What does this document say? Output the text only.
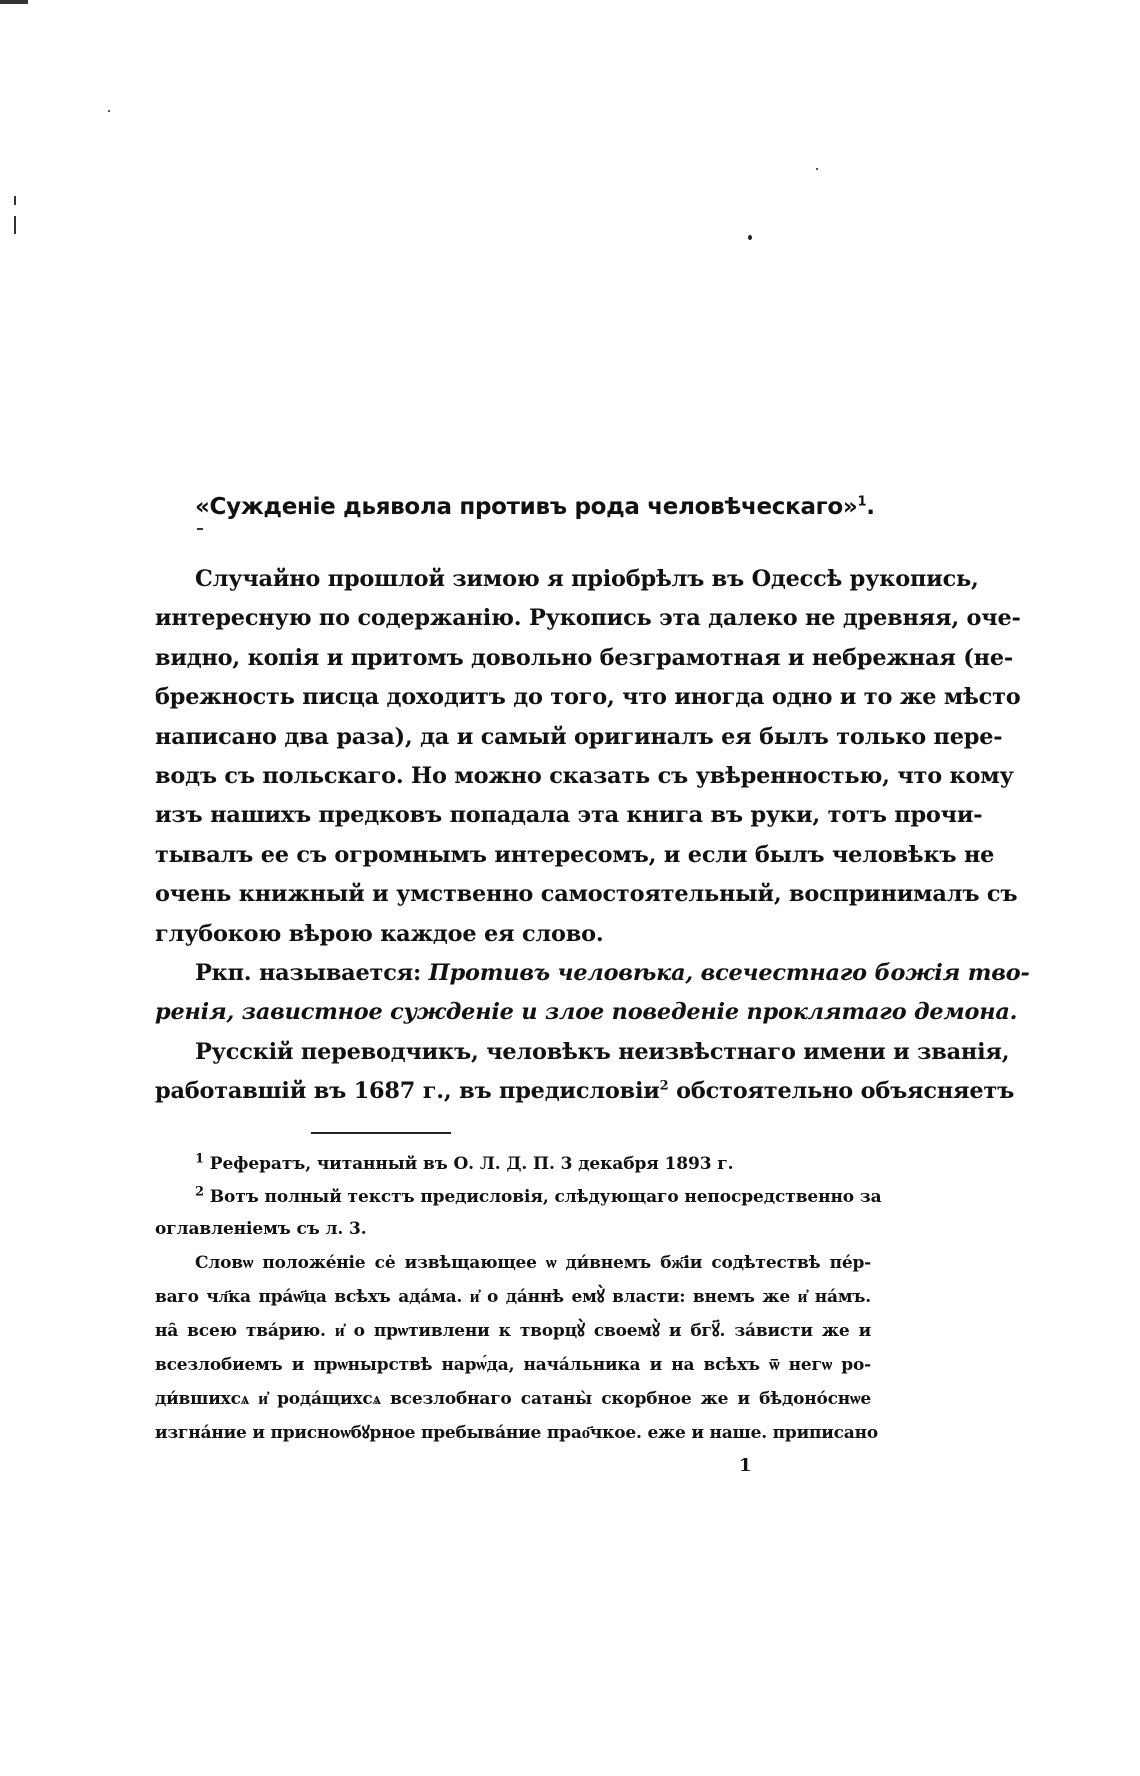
«Сужденіе дьявола противъ рода человѣческаго»$^1$.
Случайно прошлой зимою я пріобрѣлъ въ Одессѣ рукопись,
интересную по содержанію. Рукопись эта далеко не древняя, оче-
видно, копія и притомъ довольно безграмотная и небрежная (не-
брежность писца доходитъ до того, что иногда одно и то же мѣсто
написано два раза), да и самый оригиналъ ея былъ только пере-
водъ съ польскаго. Но можно сказать съ увѣренностью, что кому
изъ нашихъ предковъ попадала эта книга въ руки, тотъ прочи-
тывалъ ее съ огромнымъ интересомъ, и если былъ человѣкъ не
очень книжный и умственно самостоятельный, воспринималъ съ
глубокою вѣрою каждое ея слово.
Ркп. называется: Противъ человѣка, всечестнаго божія тво-
ренія, завистное сужденіе и злое поведеніе проклятаго демона.
Русскій переводчикъ, человѣкъ неизвѣстнаго имени и званія,
работавшій въ 1687 г., въ предисловіи$^2$ обстоятельно объясняетъ
$^1$ Рефератъ, читанный въ О. Л. Д. П. 3 декабря 1893 г.
$^2$ Вотъ полный текстъ предисловія, слѣдующаго непосредственно за
оглавленіемъ съ л. 3.
Словѡ положе́ніе се̇ извѣщающее ѡ ди́внемъ бж҃іи содѣтествѣ пе́р-
ваго чл҃ка пра́ѡ҃ца всѣхъ ада́ма. и҆ о да́ннѣ емꙋ̀ власти: внемъ же и҆ на́мъ.
на̑ всею тва́рию. и҆ о прѡтивлени к творцꙋ̀ своемꙋ̀ и бгꙋ҃. за́висти же и
всезлобиемъ и прѡнырствѣ нарѡ́да, нача́льника и на всѣхъ ѿ негѡ ро-
ди́вшихсѧ и҆ рода́щихсѧ всезлобнаго сатаны̀ скорбное же и бѣдоно́снѡе
изгна́ние и присноѡбꙋрное пребыва́ние прао҃чкое. еже и наше. приписано
1
